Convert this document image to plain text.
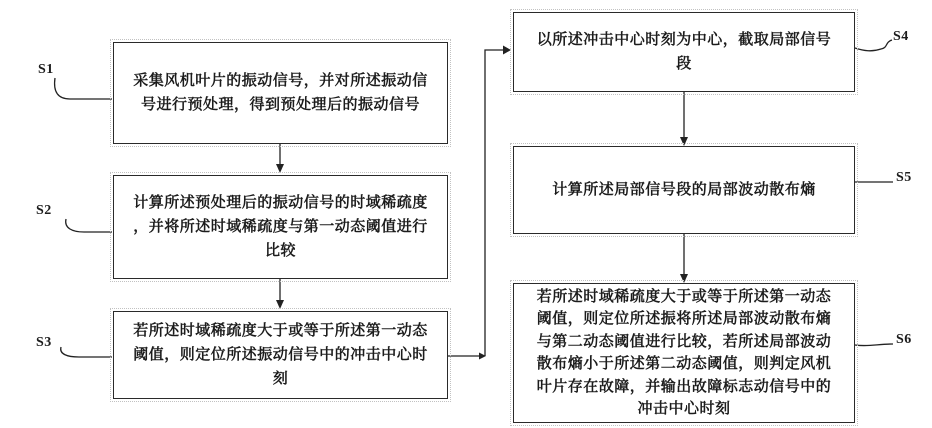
采集风机叶片的振动信号，并对所述振动信
号进行预处理，得到预处理后的振动信号
计算所述预处理后的振动信号的时域稀疏度
，并将所述时域稀疏度与第一动态阈值进行
比较
若所述时域稀疏度大于或等于所述第一动态
阈值，则定位所述振动信号中的冲击中心时
刻
以所述冲击中心时刻为中心，截取局部信号
段
计算所述局部信号段的局部波动散布熵
若所述时域稀疏度大于或等于所述第一动态
阈值，则定位所述振将所述局部波动散布熵
与第二动态阈值进行比较，若所述局部波动
散布熵小于所述第二动态阈值，则判定风机
叶片存在故障，并输出故障标志动信号中的
冲击中心时刻
S1
S2
S3
S4
S5
S6
